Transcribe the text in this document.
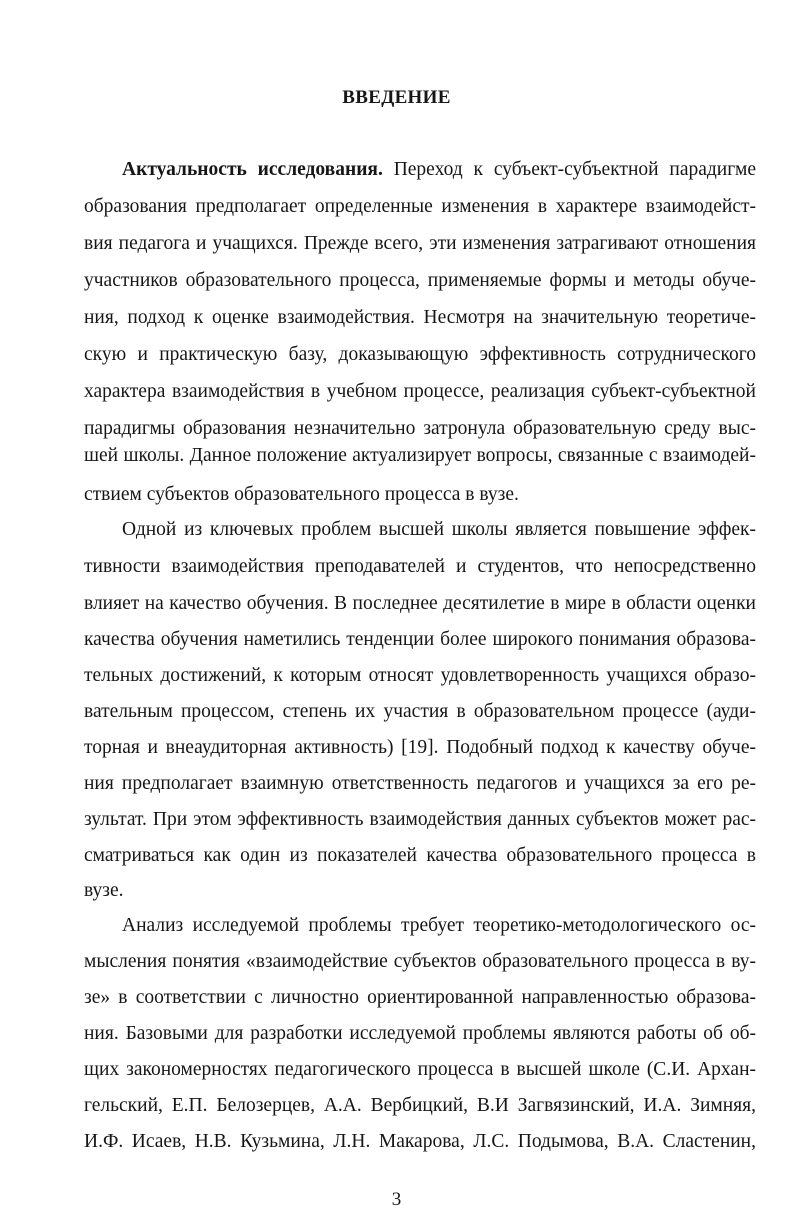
ВВЕДЕНИЕ

Актуальность исследования. Переход к субъект-субъектной парадигме

образования предполагает определенные изменения в характере взаимодейст-

вия педагога и учащихся. Прежде всего, эти изменения затрагивают отношения

участников образовательного процесса, применяемые формы и методы обуче-

ния, подход к оценке взаимодействия. Несмотря на значительную теоретиче-

скую и практическую базу, доказывающую эффективность сотруднического

характера взаимодействия в учебном процессе, реализация субъект-субъектной

парадигмы образования незначительно затронула образовательную среду выс-

шей школы. Данное положение актуализирует вопросы, связанные с взаимодей-

ствием субъектов образовательного процесса в вузе.

Одной из ключевых проблем высшей школы является повышение эффек-

тивности взаимодействия преподавателей и студентов, что непосредственно

влияет на качество обучения. В последнее десятилетие в мире в области оценки

качества обучения наметились тенденции более широкого понимания образова-

тельных достижений, к которым относят удовлетворенность учащихся образо-

вательным процессом, степень их участия в образовательном процессе (ауди-

торная и внеаудиторная активность) [19]. Подобный подход к качеству обуче-

ния предполагает взаимную ответственность педагогов и учащихся за его ре-

зультат. При этом эффективность взаимодействия данных субъектов может рас-

сматриваться как один из показателей качества образовательного процесса в

вузе.

Анализ исследуемой проблемы требует теоретико-методологического ос-

мысления понятия «взаимодействие субъектов образовательного процесса в ву-

зе» в соответствии с личностно ориентированной направленностью образова-

ния. Базовыми для разработки исследуемой проблемы являются работы об об-

щих закономерностях педагогического процесса в высшей школе (С.И. Архан-

гельский, Е.П. Белозерцев, А.А. Вербицкий, В.И Загвязинский, И.А. Зимняя,

И.Ф. Исаев, Н.В. Кузьмина, Л.Н. Макарова, Л.С. Подымова, В.А. Сластенин,

3
